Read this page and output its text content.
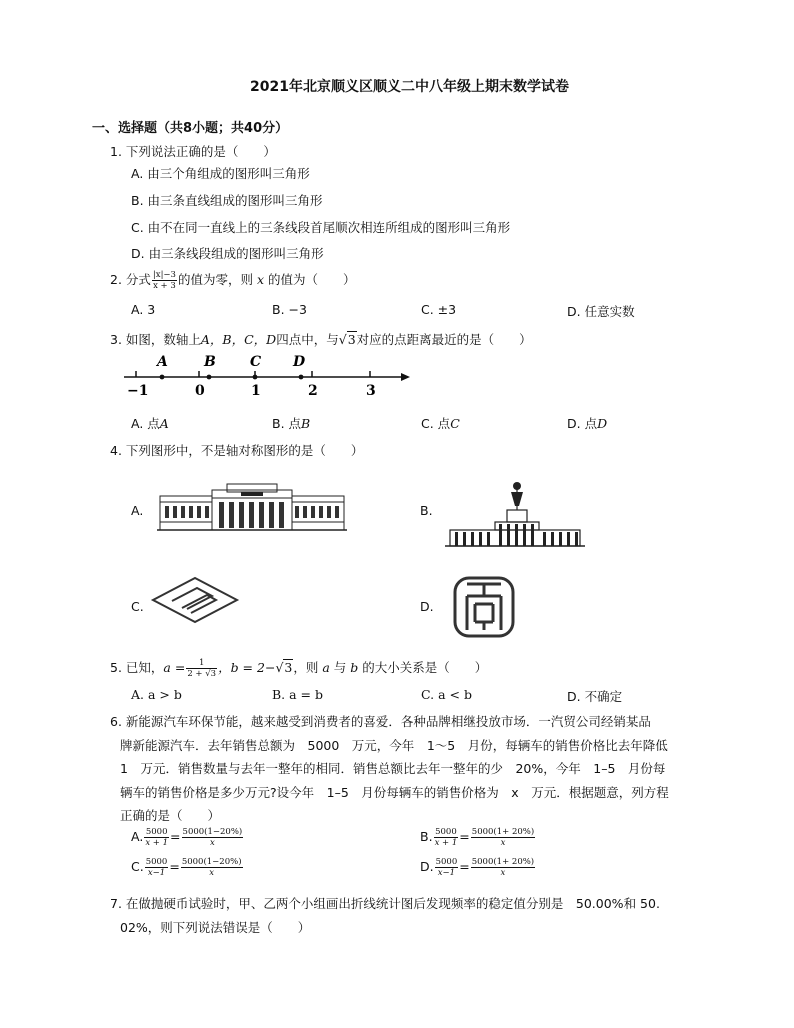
2021年北京顺义区顺义二中八年级上期末数学试卷
一、选择题（共8小题；共40分）
1. 下列说法正确的是（　　）
A. 由三个角组成的图形叫三角形
B. 由三条直线组成的图形叫三角形
C. 由不在同一直线上的三条线段首尾顺次相连所组成的图形叫三角形
D. 由三条线段组成的图形叫三角形
2. 分式 $\frac{|x|-3}{x + 3}$ 的值为零，则 x 的值为（　　）
A. 3	B. −3	C. ±3	D. 任意实数
3. 如图，数轴上A，B，C，D四点中，与√3对应的点距离最近的是（　　）
A	B C D
−1	0	1	2	3
A. 点A	B. 点B	C. 点C	D. 点D
4. 下列图形中，不是轴对称图形的是（　　）
A.	B.
C.	D.
5. 已知，$a = \frac{1}{2 + √3}$ ，b = 2−√3，则 a 与 b 的大小关系是（　　）
A. a > b	B. a = b	C. a < b	D. 不确定
6. 新能源汽车环保节能，越来越受到消费者的喜爱．各种品牌相继投放市场．一汽贸公司经销某品
牌新能源汽车．去年销售总额为　5000　万元，今年　1～5　月份，每辆车的销售价格比去年降低
1　万元．销售数量与去年一整年的相同．销售总额比去年一整年的少　20%，今年　1–5　月份每
辆车的销售价格是多少万元?设今年　1–5　月份每辆车的销售价格为　x　万元．根据题意，列方程
正确的是（　　）
A. $\frac{5000}{x + 1} = \frac{5000(1-20\%)}{x}$	B. $\frac{5000}{x + 1} = \frac{5000(1+ 20\%)}{x}$
C. $\frac{5000}{x-1} = \frac{5000(1-20\%)}{x}$	D. $\frac{5000}{x-1} = \frac{5000(1+ 20\%)}{x}$
7. 在做抛硬币试验时，甲、乙两个小组画出折线统计图后发现频率的稳定值分别是　50.00%和 50.
02%，则下列说法错误是（　　）
